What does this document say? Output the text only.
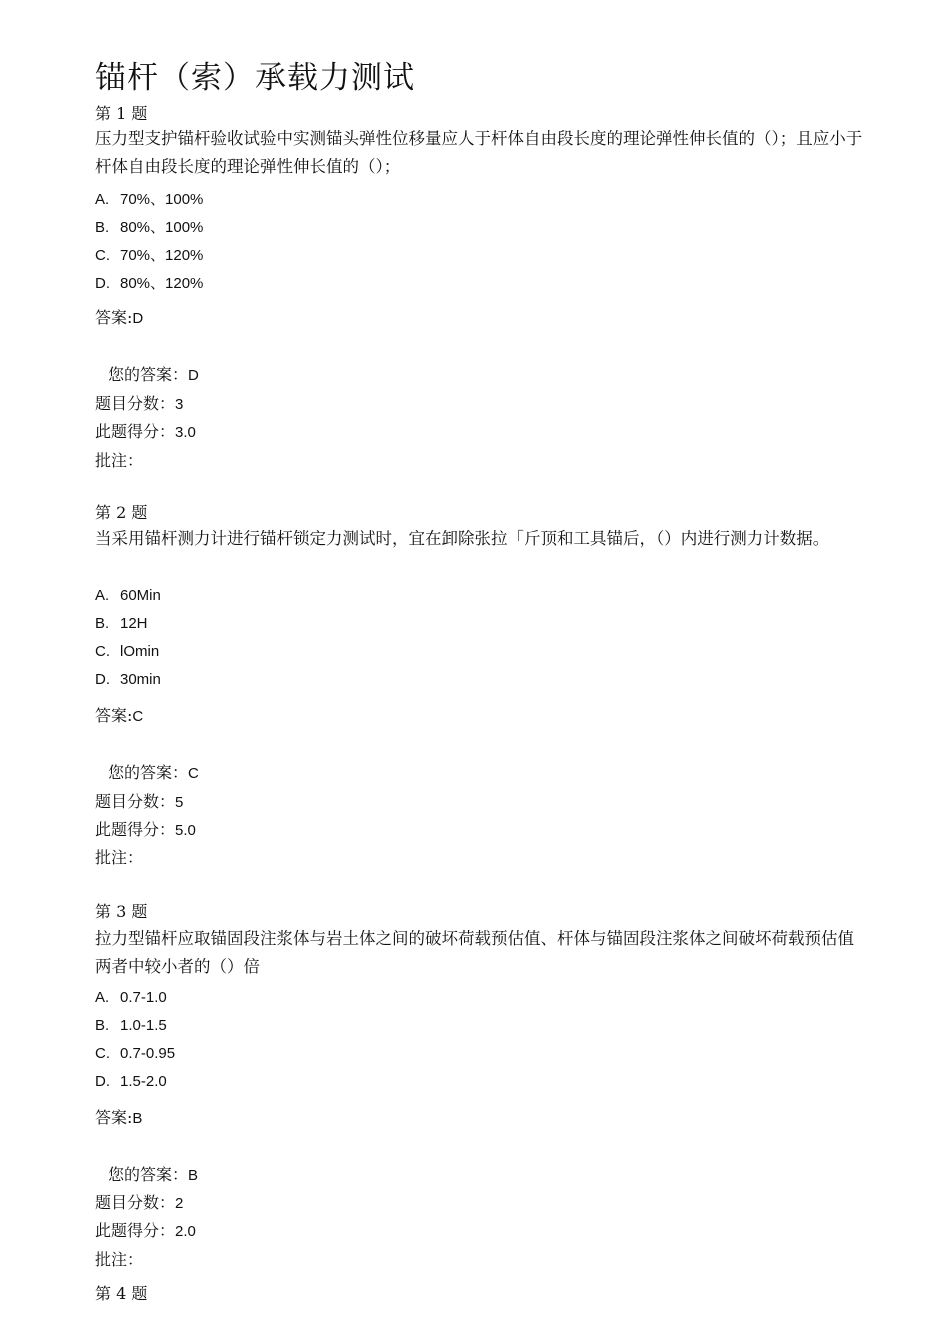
锚杆（索）承载力测试
第 1 题
压力型支护锚杆验收试验中实测锚头弹性位移量应人于杆体自由段长度的理论弹性伸长值的（）；且应小于杆体自由段长度的理论弹性伸长值的（）；
A. 70%、100%
B. 80%、100%
C. 70%、120%
D. 80%、120%
答案:D
您的答案：D
题目分数：3
此题得分：3.0
批注：
第 2 题
当采用锚杆测力计进行锚杆锁定力测试时，宜在卸除张拉「斤顶和工具锚后，（）内进行测力计数据。
A. 60Min
B. 12H
C. lOmin
D. 30min
答案:C
您的答案：C
题目分数：5
此题得分：5.0
批注：
第 3 题
拉力型锚杆应取锚固段注浆体与岩土体之间的破坏荷载预估值、杆体与锚固段注浆体之间破坏荷载预估值两者中较小者的（）倍
A. 0.7-1.0
B. 1.0-1.5
C. 0.7-0.95
D. 1.5-2.0
答案:B
您的答案：B
题目分数：2
此题得分：2.0
批注：
第 4 题
